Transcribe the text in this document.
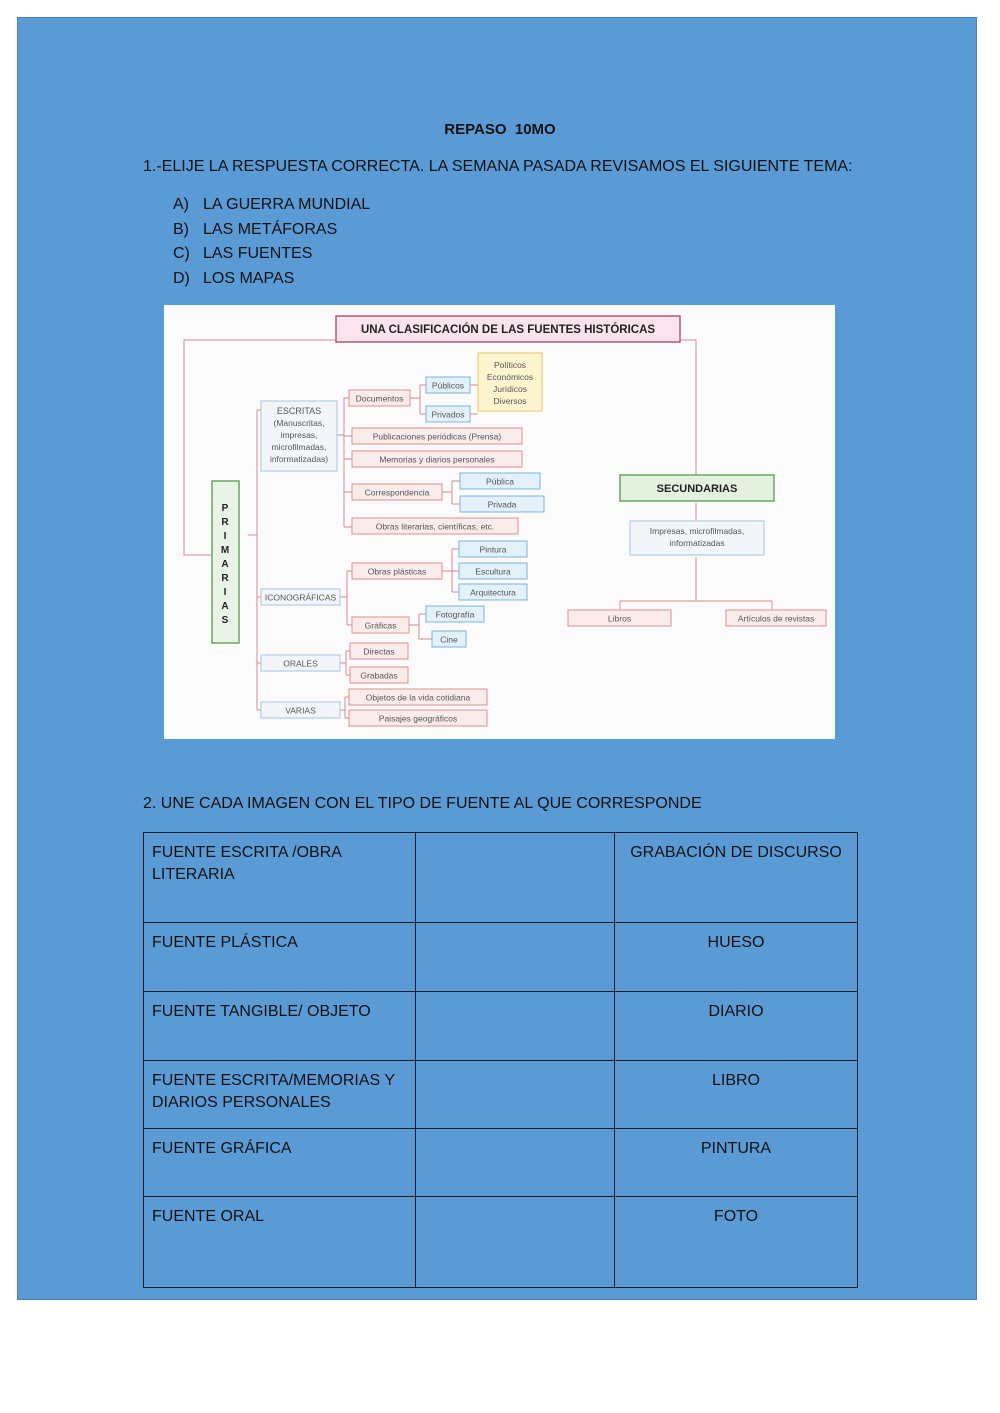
REPASO  10MO
1.-ELIJE LA RESPUESTA CORRECTA. LA SEMANA PASADA REVISAMOS EL SIGUIENTE TEMA:
A) LA GUERRA MUNDIAL
B) LAS METÁFORAS
C) LAS FUENTES
D) LOS MAPAS
UNA CLASIFICACIÓN DE LAS FUENTES HISTÓRICAS
P
R
I
M
A
R
I
A
S
ESCRITAS
(Manuscritas,
impresas,
microfilmadas,
informatizadas)
Documentos
Públicos
Privados
Políticos
Económicos
Jurídicos
Diversos
Publicaciones periódicas (Prensa)
Memorias y diarios personales
Correspondencia
Pública
Privada
Obras literarias, científicas, etc.
ICONOGRÁFICAS
Obras plásticas
Pintura
Escultura
Arquitectura
Gráficas
Fotografía
Cine
ORALES
Directas
Grabadas
VARIAS
Objetos de la vida cotidiana
Paisajes geográficos
SECUNDARIAS
Impresas, microfilmadas,
informatizadas
Libros	Artículos de revistas
2. UNE CADA IMAGEN CON EL TIPO DE FUENTE AL QUE CORRESPONDE
FUENTE ESCRITA /OBRA LITERARIA		GRABACIÓN DE DISCURSO
FUENTE PLÁSTICA		HUESO
FUENTE TANGIBLE/ OBJETO		DIARIO
FUENTE ESCRITA/MEMORIAS Y DIARIOS PERSONALES		LIBRO
FUENTE GRÁFICA		PINTURA
FUENTE ORAL		FOTO
